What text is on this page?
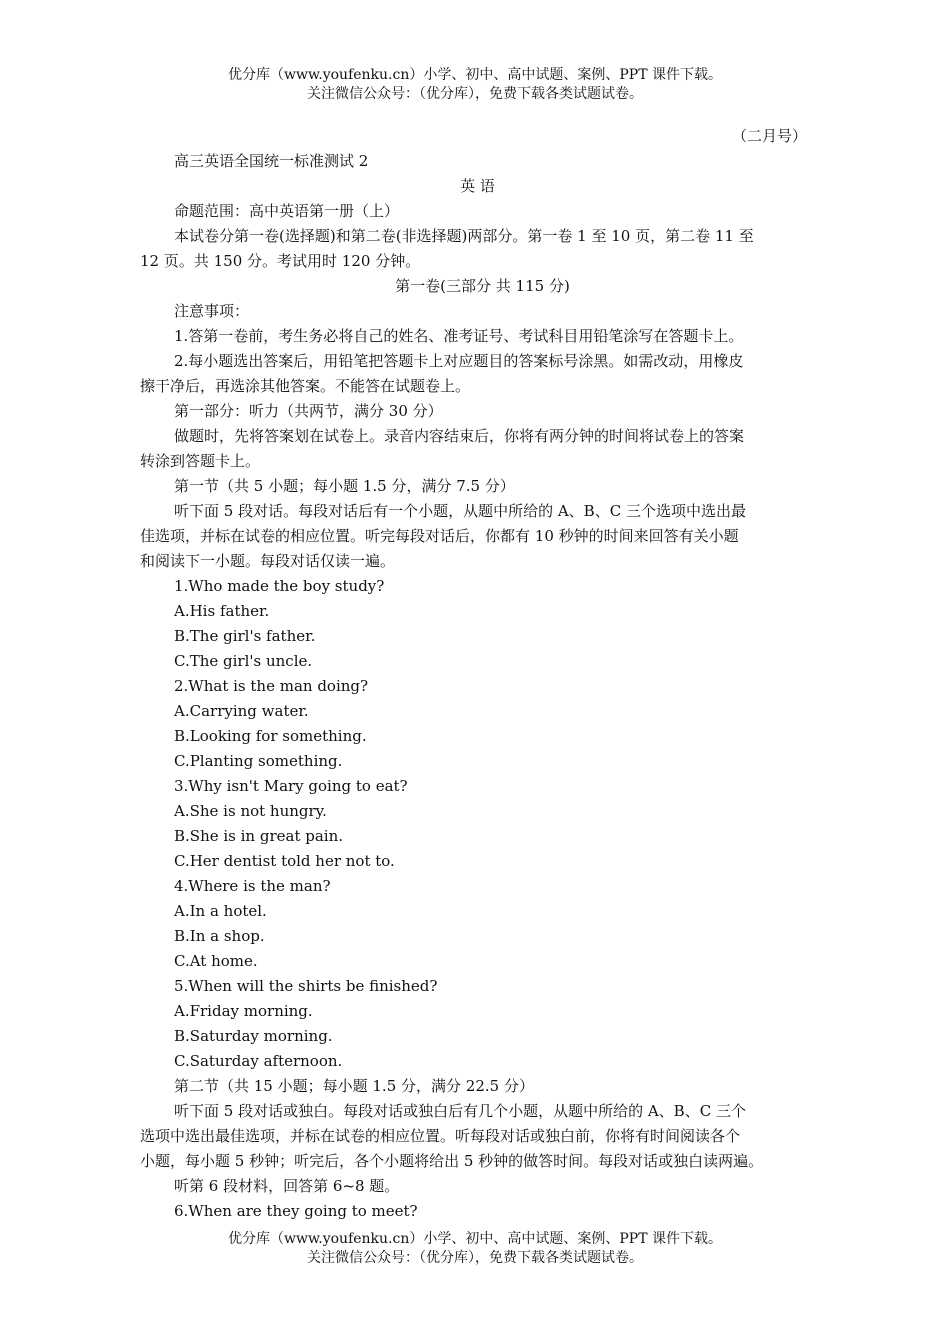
优分库（www.youfenku.cn）小学、初中、高中试题、案例、PPT 课件下载。
关注微信公众号：（优分库），免费下载各类试题试卷。
（二月号）
高三英语全国统一标准测试 2
英 语
命题范围：高中英语第一册（上）
本试卷分第一卷(选择题)和第二卷(非选择题)两部分。第一卷 1 至 10 页，第二卷 11 至
12 页。共 150 分。考试用时 120 分钟。
第一卷(三部分 共 115 分)
注意事项：
1.答第一卷前，考生务必将自己的姓名、准考证号、考试科目用铅笔涂写在答题卡上。
2.每小题选出答案后，用铅笔把答题卡上对应题目的答案标号涂黑。如需改动，用橡皮
擦干净后，再选涂其他答案。不能答在试题卷上。
第一部分：听力（共两节，满分 30 分）
做题时，先将答案划在试卷上。录音内容结束后，你将有两分钟的时间将试卷上的答案
转涂到答题卡上。
第一节（共 5 小题；每小题 1.5 分，满分 7.5 分）
听下面 5 段对话。每段对话后有一个小题，从题中所给的 A、B、C 三个选项中选出最
佳选项，并标在试卷的相应位置。听完每段对话后，你都有 10 秒钟的时间来回答有关小题
和阅读下一小题。每段对话仅读一遍。
1.Who made the boy study?
A.His father.
B.The girl's father.
C.The girl's uncle.
2.What is the man doing?
A.Carrying water.
B.Looking for something.
C.Planting something.
3.Why isn't Mary going to eat?
A.She is not hungry.
B.She is in great pain.
C.Her dentist told her not to.
4.Where is the man?
A.In a hotel.
B.In a shop.
C.At home.
5.When will the shirts be finished?
A.Friday morning.
B.Saturday morning.
C.Saturday afternoon.
第二节（共 15 小题；每小题 1.5 分，满分 22.5 分）
听下面 5 段对话或独白。每段对话或独白后有几个小题，从题中所给的 A、B、C 三个
选项中选出最佳选项，并标在试卷的相应位置。听每段对话或独白前，你将有时间阅读各个
小题，每小题 5 秒钟；听完后，各个小题将给出 5 秒钟的做答时间。每段对话或独白读两遍。
听第 6 段材料，回答第 6~8 题。
6.When are they going to meet?
优分库（www.youfenku.cn）小学、初中、高中试题、案例、PPT 课件下载。
关注微信公众号：（优分库），免费下载各类试题试卷。
